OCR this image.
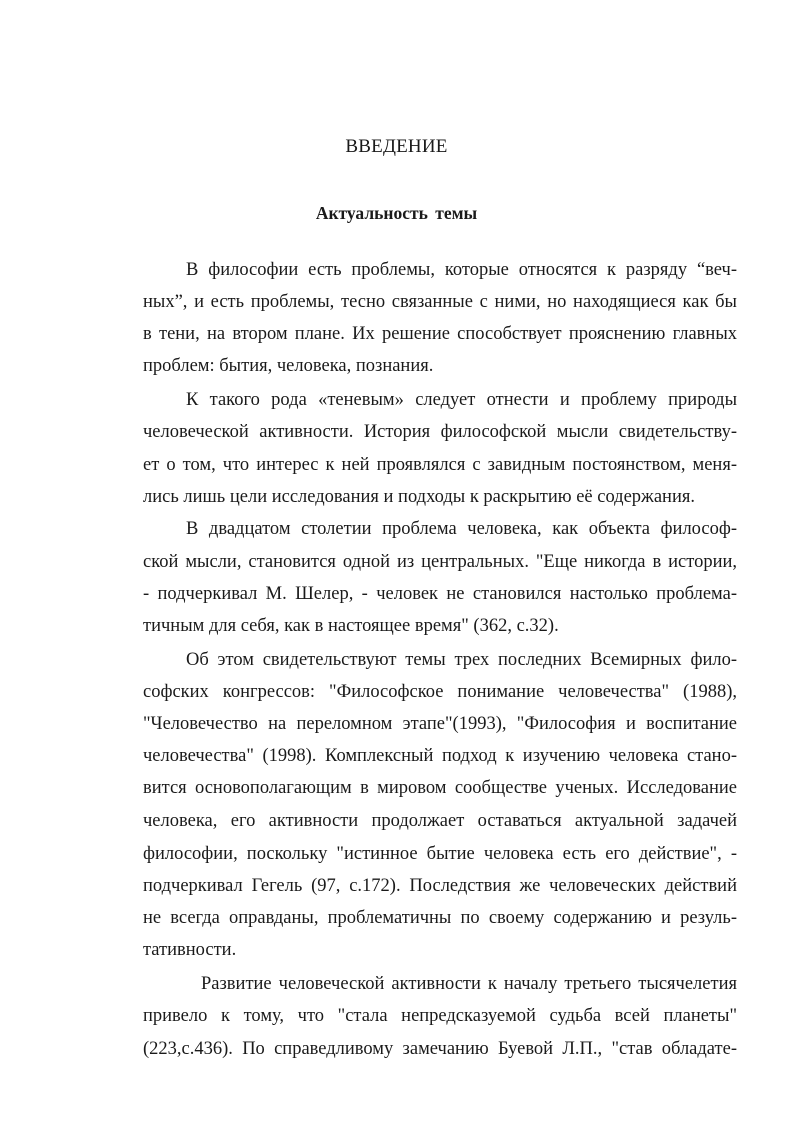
ВВЕДЕНИЕ
Актуальность темы
В философии есть проблемы, которые относятся к разряду “веч-
ных”, и есть проблемы, тесно связанные с ними, но находящиеся как бы
в тени, на втором плане. Их решение способствует прояснению главных
проблем: бытия, человека, познания.
К такого рода «теневым» следует отнести и проблему природы
человеческой активности. История философской мысли свидетельству-
ет о том, что интерес к ней проявлялся с завидным постоянством, меня-
лись лишь цели исследования и подходы к раскрытию её содержания.
В двадцатом столетии проблема человека, как объекта философ-
ской мысли, становится одной из центральных. "Еще никогда в истории,
- подчеркивал М. Шелер, - человек не становился настолько проблема-
тичным для себя, как в настоящее время" (362, с.32).
Об этом свидетельствуют темы трех последних Всемирных фило-
софских конгрессов: "Философское понимание человечества" (1988),
"Человечество на переломном этапе"(1993), "Философия и воспитание
человечества" (1998). Комплексный подход к изучению человека стано-
вится основополагающим в мировом сообществе ученых. Исследование
человека, его активности продолжает оставаться актуальной задачей
философии, поскольку "истинное бытие человека есть его действие", -
подчеркивал Гегель (97, с.172). Последствия же человеческих действий
не всегда оправданы, проблематичны по своему содержанию и резуль-
тативности.
Развитие человеческой активности к началу третьего тысячелетия
привело к тому, что "стала непредсказуемой судьба всей планеты"
(223,с.436). По справедливому замечанию Буевой Л.П., "став обладате-
